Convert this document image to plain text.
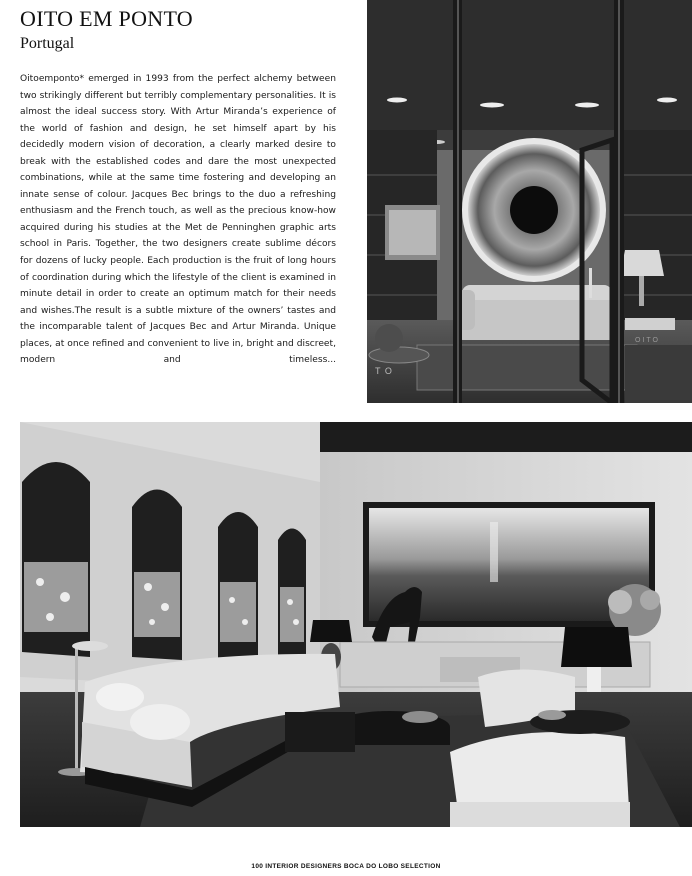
OITO EM PONTO
Portugal

Oitoemponto* emerged in 1993 from the perfect alchemy between two strikingly different but terribly complementary personalities. It is almost the ideal success story. With Artur Miranda’s experience of the world of fashion and design, he set himself apart by his decidedly modern vision of decoration, a clearly marked desire to break with the established codes and dare the most unexpected combinations, while at the same time fostering and developing an innate sense of colour. Jacques Bec brings to the duo a refreshing enthusiasm and the French touch, as well as the precious know-how acquired during his studies at the Met de Penninghen graphic arts school in Paris. Together, the two designers create sublime décors for dozens of lucky people. Each production is the fruit of long hours of coordination during which the lifestyle of the client is examined in minute detail in order to create an optimum match for their needs and wishes.The result is a subtle mixture of the owners’ tastes and the incomparable talent of Jacques Bec and Artur Miranda. Unique places, at once refined and convenient to live in, bright and discreet, modern and timeless...

T O
OITO
100 INTERIOR DESIGNERS BOCA DO LOBO SELECTION
